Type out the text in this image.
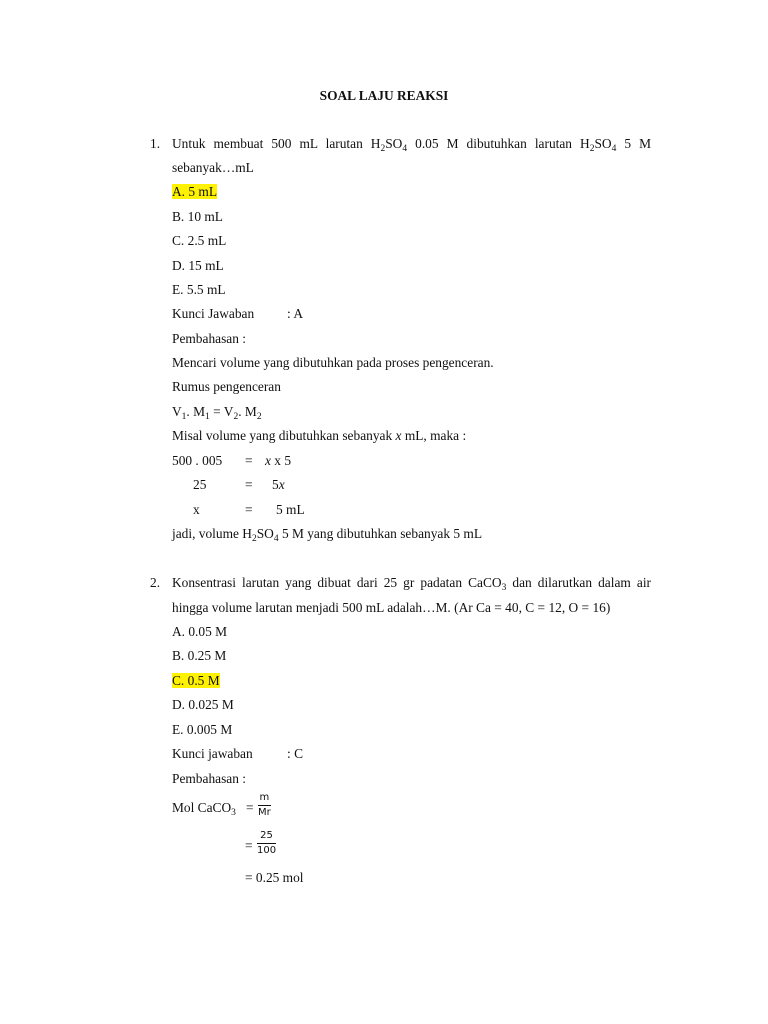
SOAL LAJU REAKSI
1. Untuk membuat 500 mL larutan $H_2SO_4$ 0.05 M dibutuhkan larutan $H_2SO_4$ 5 M
sebanyak…mL
A. 5 mL
B. 10 mL
C. 2.5 mL
D. 15 mL
E. 5.5 mL
Kunci Jawaban : A
Pembahasan :
Mencari volume yang dibutuhkan pada proses pengenceran.
Rumus pengenceran
$V_1$. $M_1 = V_2$. $M_2$
Misal volume yang dibutuhkan sebanyak x mL, maka :
500 . 005 = x x 5
25	= 5x
x	= 5 mL
jadi, volume $H_2SO_4$ 5 M yang dibutuhkan sebanyak 5 mL
2. Konsentrasi larutan yang dibuat dari 25 gr padatan CaCO$_3$ dan dilarutkan dalam air
hingga volume larutan menjadi 500 mL adalah…M. (Ar Ca = 40, C = 12, O = 16)
A. 0.05 M
B. 0.25 M
C. 0.5 M
D. 0.025 M
E. 0.005 M
Kunci jawaban	: C
Pembahasan :
Mol CaCO$_3$ =
m
Mr
=
25
100
= 0.25 mol
